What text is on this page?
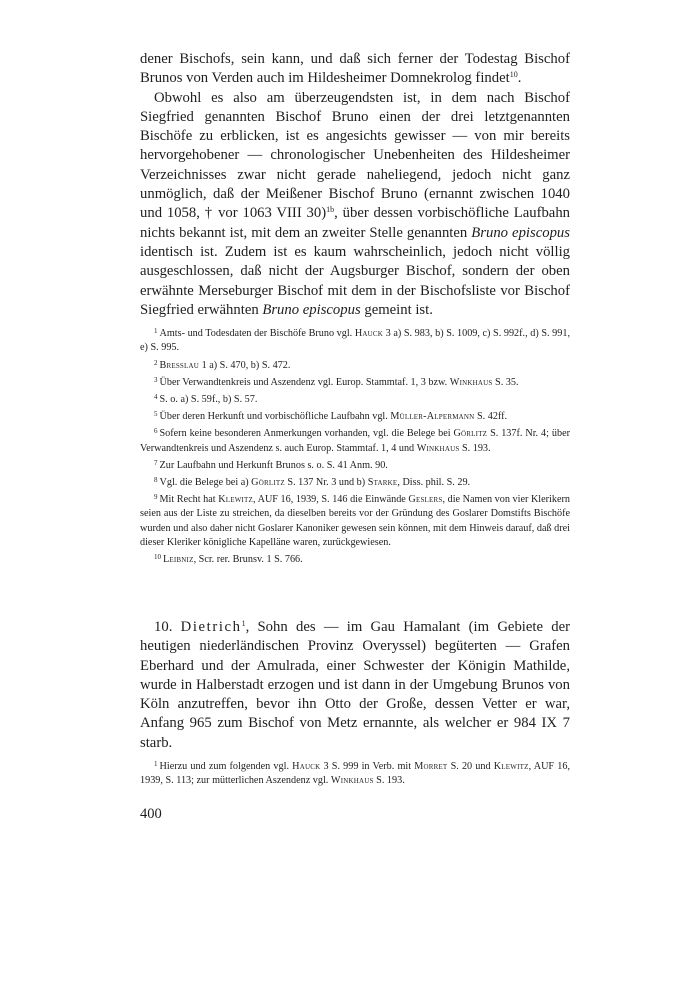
dener Bischofs, sein kann, und daß sich ferner der Todestag Bischof Brunos von Verden auch im Hildesheimer Domnekrolog findet$^{10}$.

Obwohl es also am überzeugendsten ist, in dem nach Bischof Siegfried genannten Bischof Bruno einen der drei letztgenannten Bischöfe zu erblicken, ist es angesichts gewisser — von mir bereits hervorgehobener — chronologischer Unebenheiten des Hildesheimer Verzeichnisses zwar nicht gerade naheliegend, jedoch nicht ganz unmöglich, daß der Meißener Bischof Bruno (ernannt zwischen 1040 und 1058, † vor 1063 VIII 30)$^{1b}$, über dessen vorbischöfliche Laufbahn nichts bekannt ist, mit dem an zweiter Stelle genannten Bruno episcopus identisch ist. Zudem ist es kaum wahrscheinlich, jedoch nicht völlig ausgeschlossen, daß nicht der Augsburger Bischof, sondern der oben erwähnte Merseburger Bischof mit dem in der Bischofsliste vor Bischof Siegfried erwähnten Bruno episcopus gemeint ist.

$^1$ Amts- und Todesdaten der Bischöfe Bruno vgl. Hauck 3 a) S. 983, b) S. 1009, c) S. 992f., d) S. 991, e) S. 995.

$^2$ Bresslau 1 a) S. 470, b) S. 472.

$^3$ Über Verwandtenkreis und Aszendenz vgl. Europ. Stammtaf. 1, 3 bzw. Winkhaus S. 35.

$^4$ S. o. a) S. 59f., b) S. 57.

$^5$ Über deren Herkunft und vorbischöfliche Laufbahn vgl. Müller-Alpermann S. 42ff.

$^6$ Sofern keine besonderen Anmerkungen vorhanden, vgl. die Belege bei Görlitz S. 137f. Nr. 4; über Verwandtenkreis und Aszendenz s. auch Europ. Stammtaf. 1, 4 und Winkhaus S. 193.

$^7$ Zur Laufbahn und Herkunft Brunos s. o. S. 41 Anm. 90.

$^8$ Vgl. die Belege bei a) Görlitz S. 137 Nr. 3 und b) Starke, Diss. phil. S. 29.

$^9$ Mit Recht hat Klewitz, AUF 16, 1939, S. 146 die Einwände Geslers, die Namen von vier Klerikern seien aus der Liste zu streichen, da dieselben bereits vor der Gründung des Goslarer Domstifts Bischöfe wurden und also daher nicht Goslarer Kanoniker gewesen sein können, mit dem Hinweis darauf, daß drei dieser Kleriker königliche Kapelläne waren, zurückgewiesen.

$^{10}$ Leibniz, Scr. rer. Brunsv. 1 S. 766.

10. Dietrich$^1$, Sohn des — im Gau Hamalant (im Gebiete der heutigen niederländischen Provinz Overyssel) begüterten — Grafen Eberhard und der Amulrada, einer Schwester der Königin Mathilde, wurde in Halberstadt erzogen und ist dann in der Umgebung Brunos von Köln anzutreffen, bevor ihn Otto der Große, dessen Vetter er war, Anfang 965 zum Bischof von Metz ernannte, als welcher er 984 IX 7 starb.

$^1$ Hierzu und zum folgenden vgl. Hauck 3 S. 999 in Verb. mit Morret S. 20 und Klewitz, AUF 16, 1939, S. 113; zur mütterlichen Aszendenz vgl. Winkhaus S. 193.

400
